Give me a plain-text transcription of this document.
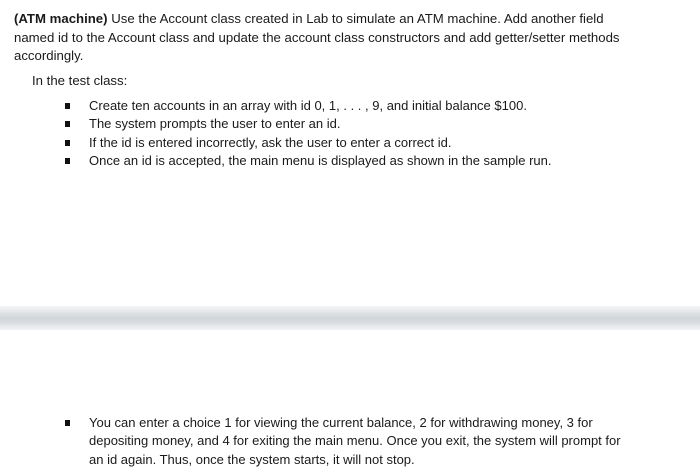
(ATM machine) Use the Account class created in Lab to simulate an ATM machine. Add another field named id to the Account class and update the account class constructors and add getter/setter methods accordingly.

In the test class:

Create ten accounts in an array with id 0, 1, . . . , 9, and initial balance $100.
The system prompts the user to enter an id.
If the id is entered incorrectly, ask the user to enter a correct id.
Once an id is accepted, the main menu is displayed as shown in the sample run.
You can enter a choice 1 for viewing the current balance, 2 for withdrawing money, 3 for depositing money, and 4 for exiting the main menu. Once you exit, the system will prompt for an id again. Thus, once the system starts, it will not stop.
